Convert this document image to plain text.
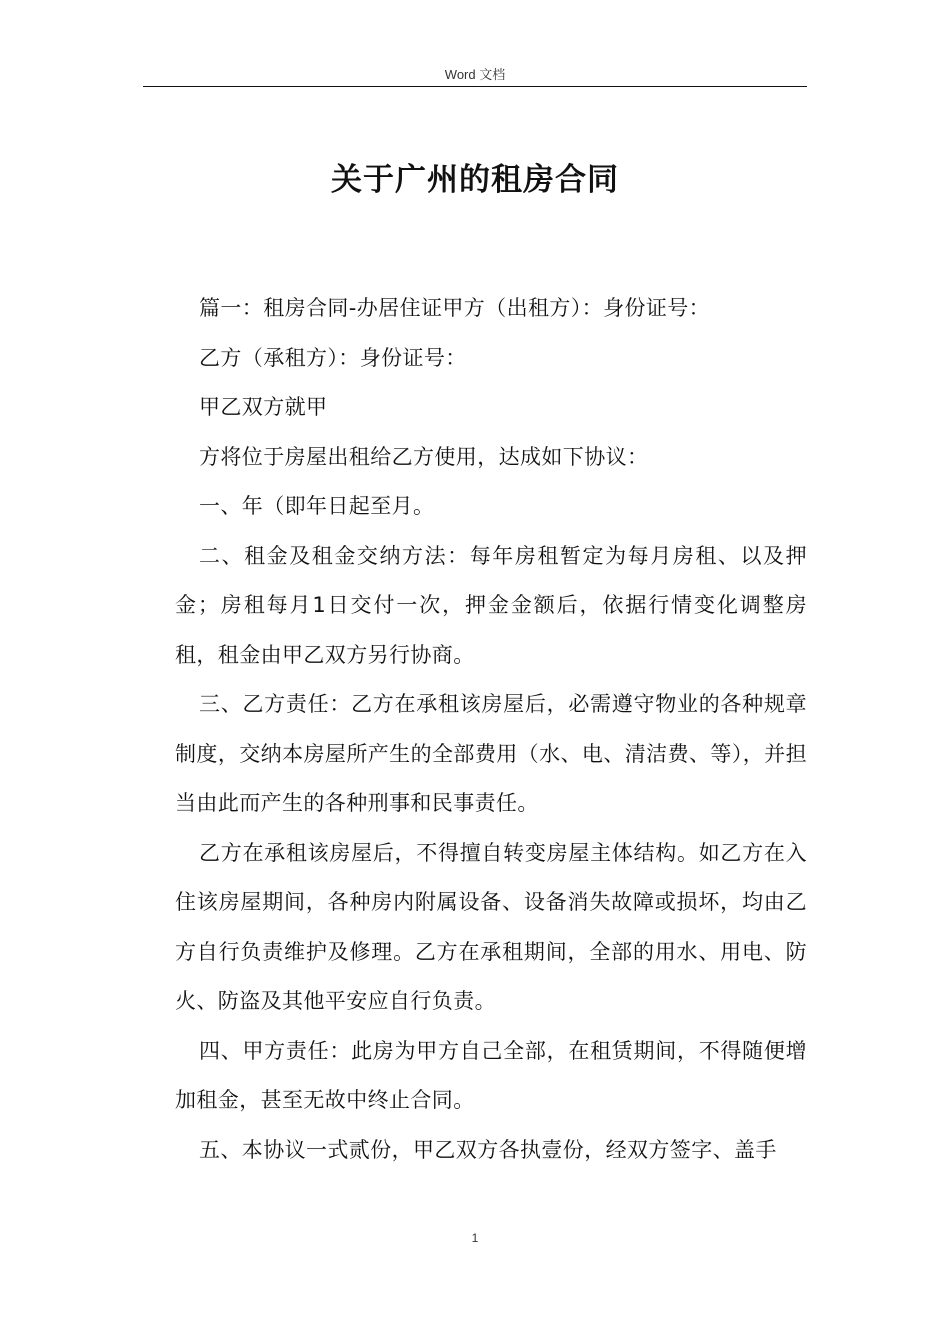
Word 文档
关于广州的租房合同

篇一：租房合同-办居住证甲方（出租方）：身份证号：

乙方（承租方）：身份证号：

甲乙双方就甲

方将位于房屋出租给乙方使用，达成如下协议：

一、年（即年日起至月。

二、租金及租金交纳方法：每年房租暂定为每月房租、以及押金；房租每月1日交付一次，押金金额后，依据行情变化调整房租，租金由甲乙双方另行协商。

三、乙方责任：乙方在承租该房屋后，必需遵守物业的各种规章制度，交纳本房屋所产生的全部费用（水、电、清洁费、等），并担当由此而产生的各种刑事和民事责任。

乙方在承租该房屋后，不得擅自转变房屋主体结构。如乙方在入住该房屋期间，各种房内附属设备、设备消失故障或损坏，均由乙方自行负责维护及修理。乙方在承租期间，全部的用水、用电、防火、防盗及其他平安应自行负责。

四、甲方责任：此房为甲方自己全部，在租赁期间，不得随便增加租金，甚至无故中终止合同。

五、本协议一式贰份，甲乙双方各执壹份，经双方签字、盖手

1
